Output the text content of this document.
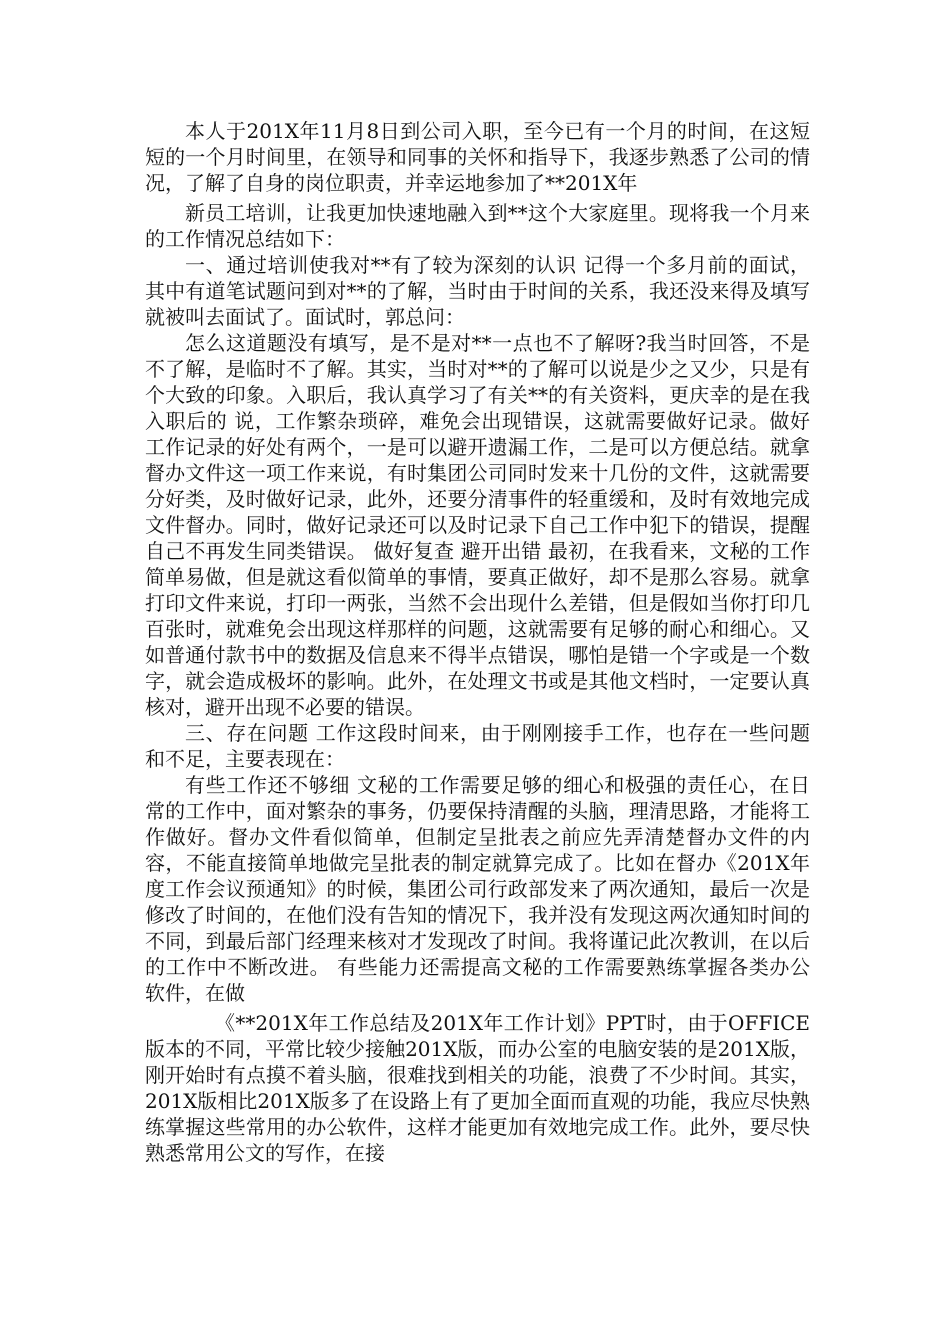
本人于201X年11月8日到公司入职，至今已有一个月的时间，在这短短的一个月时间里，在领导和同事的关怀和指导下，我逐步熟悉了公司的情况，了解了自身的岗位职责，并幸运地参加了**201X年

新员工培训，让我更加快速地融入到**这个大家庭里。现将我一个月来的工作情况总结如下：

一、通过培训使我对**有了较为深刻的认识 记得一个多月前的面试，其中有道笔试题问到对**的了解，当时由于时间的关系，我还没来得及填写就被叫去面试了。面试时，郭总问：

怎么这道题没有填写，是不是对**一点也不了解呀?我当时回答，不是不了解，是临时不了解。其实，当时对**的了解可以说是少之又少，只是有个大致的印象。入职后，我认真学习了有关**的有关资料，更庆幸的是在我入职后的 说，工作繁杂琐碎，难免会出现错误，这就需要做好记录。做好工作记录的好处有两个，一是可以避开遗漏工作，二是可以方便总结。就拿督办文件这一项工作来说，有时集团公司同时发来十几份的文件，这就需要分好类，及时做好记录，此外，还要分清事件的轻重缓和，及时有效地完成文件督办。同时，做好记录还可以及时记录下自己工作中犯下的错误，提醒自己不再发生同类错误。 做好复查 避开出错 最初，在我看来，文秘的工作简单易做，但是就这看似简单的事情，要真正做好，却不是那么容易。就拿打印文件来说，打印一两张，当然不会出现什么差错，但是假如当你打印几百张时，就难免会出现这样那样的问题，这就需要有足够的耐心和细心。又如普通付款书中的数据及信息来不得半点错误，哪怕是错一个字或是一个数字，就会造成极坏的影响。此外，在处理文书或是其他文档时，一定要认真核对，避开出现不必要的错误。

三、存在问题 工作这段时间来，由于刚刚接手工作，也存在一些问题和不足，主要表现在：

有些工作还不够细 文秘的工作需要足够的细心和极强的责任心，在日常的工作中，面对繁杂的事务，仍要保持清醒的头脑，理清思路，才能将工作做好。督办文件看似简单，但制定呈批表之前应先弄清楚督办文件的内容，不能直接简单地做完呈批表的制定就算完成了。比如在督办《201X年度工作会议预通知》的时候，集团公司行政部发来了两次通知，最后一次是修改了时间的，在他们没有告知的情况下，我并没有发现这两次通知时间的不同，到最后部门经理来核对才发现改了时间。我将谨记此次教训，在以后的工作中不断改进。 有些能力还需提高文秘的工作需要熟练掌握各类办公软件，在做

《**201X年工作总结及201X年工作计划》PPT时，由于OFFICE版本的不同，平常比较少接触201X版，而办公室的电脑安装的是201X版，刚开始时有点摸不着头脑，很难找到相关的功能，浪费了不少时间。其实，201X版相比201X版多了在设路上有了更加全面而直观的功能，我应尽快熟练掌握这些常用的办公软件，这样才能更加有效地完成工作。此外，要尽快熟悉常用公文的写作，在接
